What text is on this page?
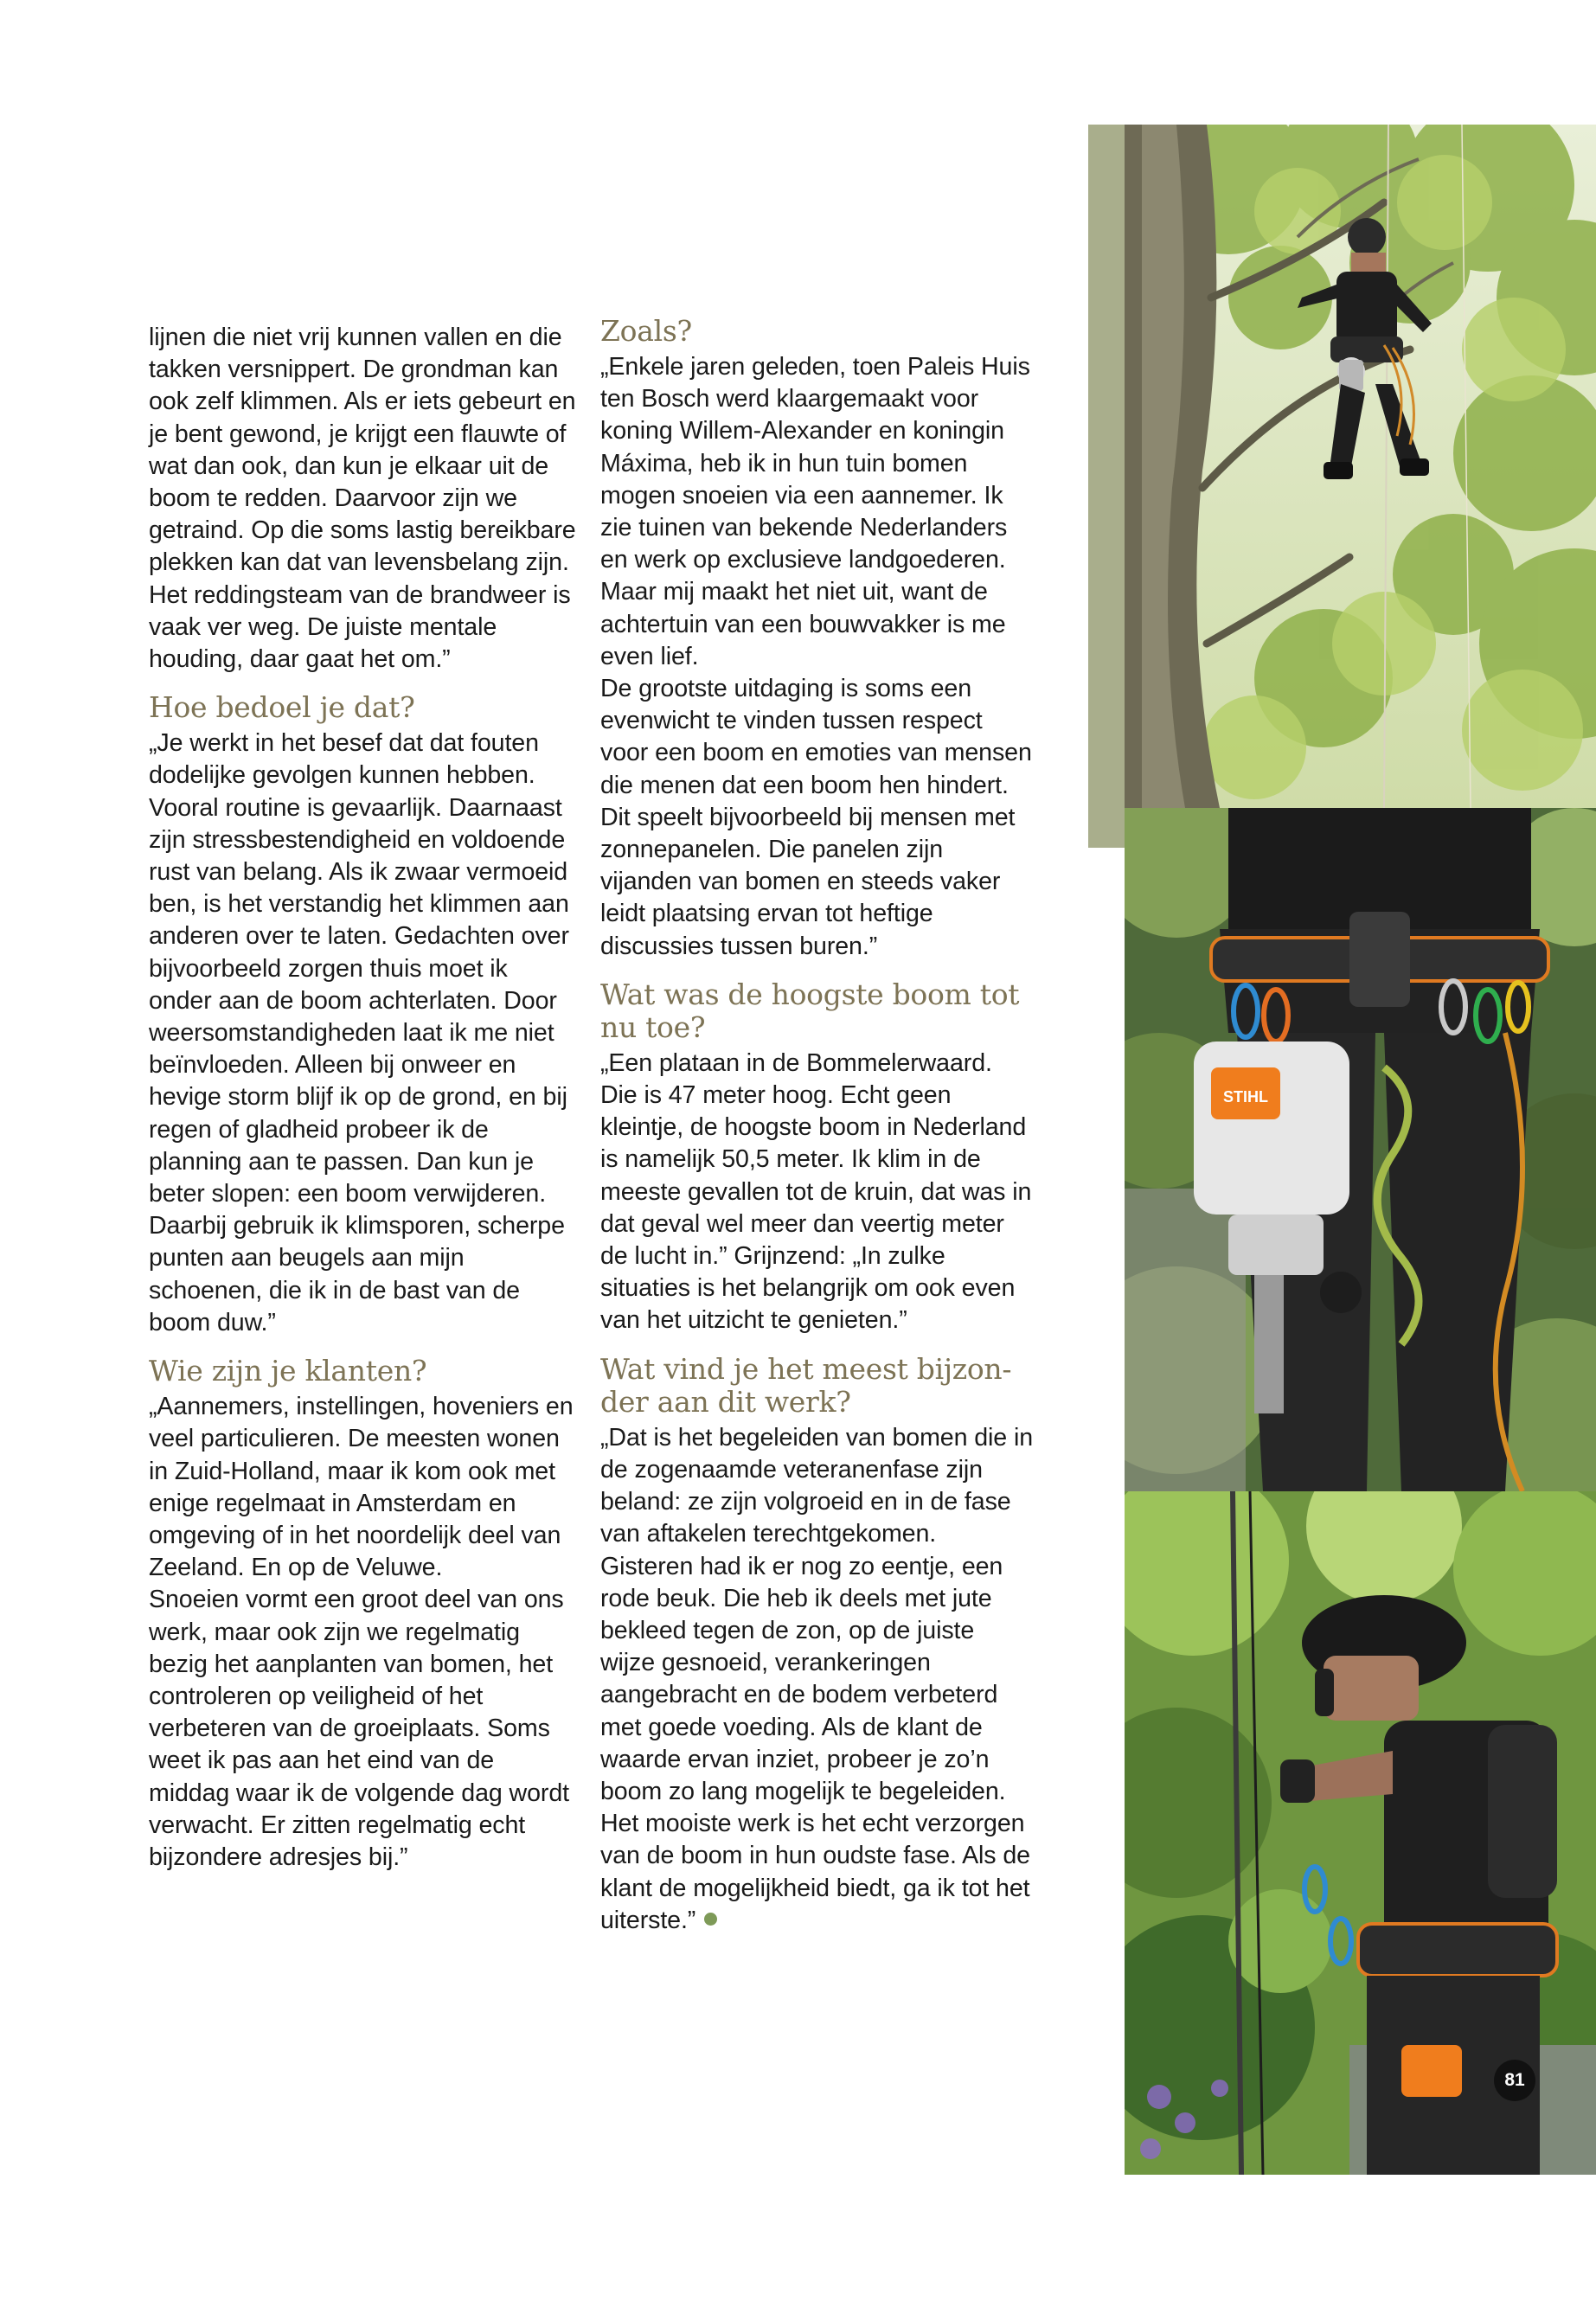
lijnen die niet vrij kunnen vallen en die takken versnippert. De grondman kan ook zelf klimmen. Als er iets gebeurt en je bent gewond, je krijgt een flauwte of wat dan ook, dan kun je elkaar uit de boom te redden. Daarvoor zijn we getraind. Op die soms lastig bereikbare plekken kan dat van levensbelang zijn. Het reddingsteam van de brandweer is vaak ver weg. De juiste mentale houding, daar gaat het om.”

Hoe bedoel je dat?

„Je werkt in het besef dat dat fouten dodelijke gevolgen kunnen hebben. Vooral routine is gevaarlijk. Daarnaast zijn stressbestendigheid en voldoende rust van belang. Als ik zwaar vermoeid ben, is het verstandig het klimmen aan anderen over te laten. Gedachten over bijvoorbeeld zorgen thuis moet ik onder aan de boom achterlaten. Door weersomstandigheden laat ik me niet beïnvloeden. Alleen bij onweer en hevige storm blijf ik op de grond, en bij regen of gladheid probeer ik de planning aan te passen. Dan kun je beter slopen: een boom verwijderen. Daarbij gebruik ik klimsporen, scherpe punten aan beugels aan mijn schoenen, die ik in de bast van de boom duw.”

Wie zijn je klanten?

„Aannemers, instellingen, hoveniers en veel particulieren. De meesten wonen in Zuid-Holland, maar ik kom ook met enige regelmaat in Amsterdam en omgeving of in het noordelijk deel van Zeeland. En op de Veluwe.

Snoeien vormt een groot deel van ons werk, maar ook zijn we regelmatig bezig het aanplanten van bomen, het controleren op veiligheid of het verbeteren van de groeiplaats. Soms weet ik pas aan het eind van de middag waar ik de volgende dag wordt verwacht. Er zitten regelmatig echt bijzondere adresjes bij.”

Zoals?

„Enkele jaren geleden, toen Paleis Huis ten Bosch werd klaargemaakt voor koning Willem-Alexander en koningin Máxima, heb ik in hun tuin bomen mogen snoeien via een aannemer. Ik zie tuinen van bekende Nederlanders en werk op exclusieve landgoederen. Maar mij maakt het niet uit, want de achtertuin van een bouwvakker is me even lief.

De grootste uitdaging is soms een evenwicht te vinden tussen respect voor een boom en emoties van mensen die menen dat een boom hen hindert. Dit speelt bijvoorbeeld bij mensen met zonnepanelen. Die panelen zijn vijanden van bomen en steeds vaker leidt plaatsing ervan tot heftige discussies tussen buren.”

Wat was de hoogste boom tot nu toe?

„Een plataan in de Bommelerwaard. Die is 47 meter hoog. Echt geen kleintje, de hoogste boom in Nederland is namelijk 50,5 meter. Ik klim in de meeste gevallen tot de kruin, dat was in dat geval wel meer dan veertig meter de lucht in.” Grijnzend: „In zulke situaties is het belangrijk om ook even van het uitzicht te genieten.”

Wat vind je het meest bijzonder aan dit werk?

„Dat is het begeleiden van bomen die in de zogenaamde veteranenfase zijn beland: ze zijn volgroeid en in de fase van aftakelen terechtgekomen. Gisteren had ik er nog zo eentje, een rode beuk. Die heb ik deels met jute bekleed tegen de zon, op de juiste wijze gesnoeid, verankeringen aangebracht en de bodem verbeterd met goede voeding. Als de klant de waarde ervan inziet, probeer je zo’n boom zo lang mogelijk te begeleiden. Het mooiste werk is het echt verzorgen van de boom in hun oudste fase. Als de klant de mogelijkheid biedt, ga ik tot het uiterste.”

STIHL
81
